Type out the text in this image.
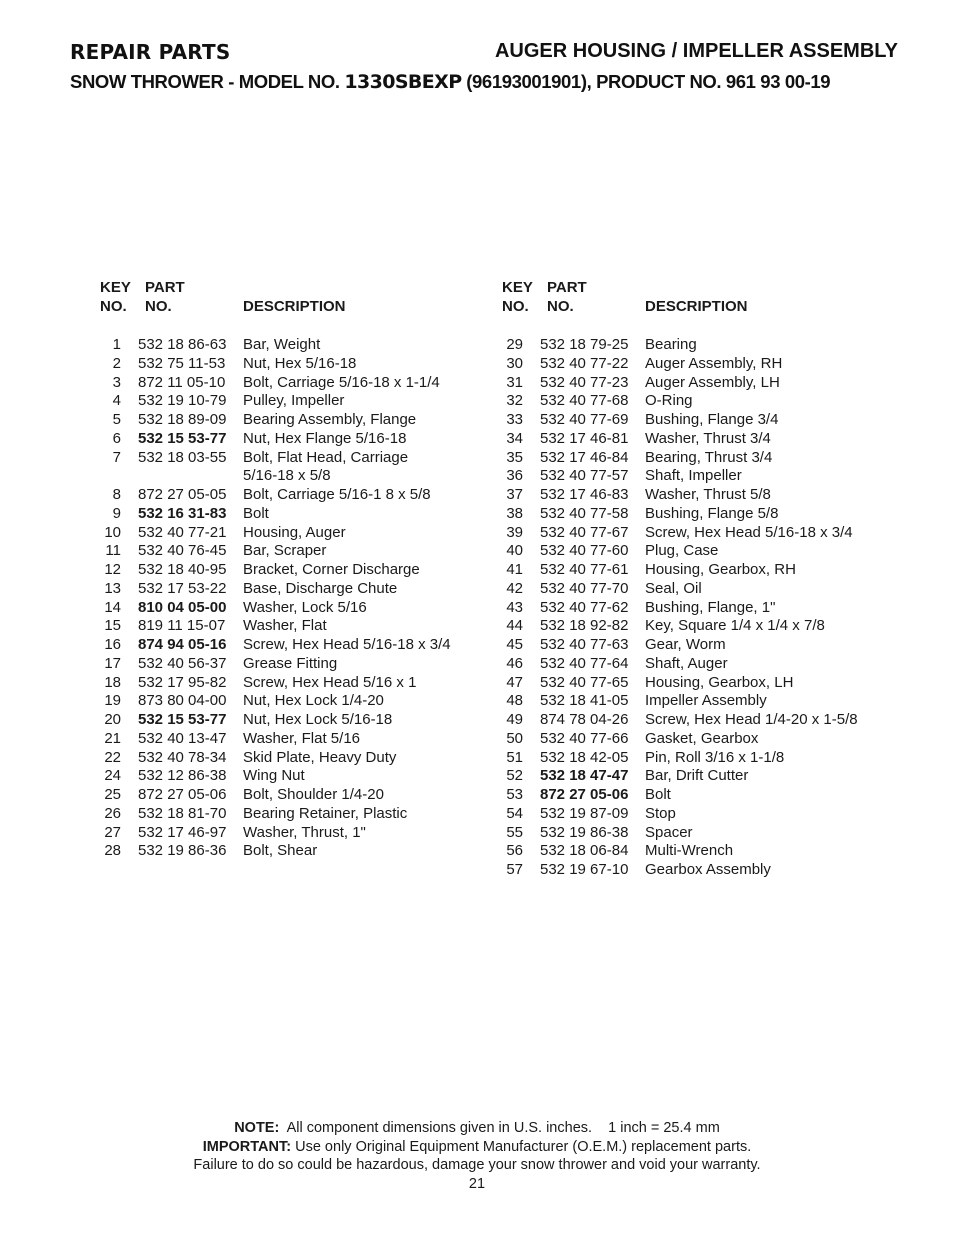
REPAIR PARTS	AUGER HOUSING / IMPELLER ASSEMBLY
SNOW THROWER - MODEL NO. 1330SBEXP (96193001901), PRODUCT NO. 961 93 00-19
KEY
NO.
PART
NO.	DESCRIPTION
1 532 18 86-63 Bar, Weight
2 532 75 11-53 Nut, Hex 5/16-18
3 872 11 05-10 Bolt, Carriage 5/16-18 x 1-1/4
4 532 19 10-79 Pulley, Impeller
5 532 18 89-09 Bearing Assembly, Flange
6 532 15 53-77 Nut, Hex Flange 5/16-18
7 532 18 03-55 Bolt, Flat Head, Carriage
5/16-18 x 5/8
8 872 27 05-05 Bolt, Carriage 5/16-1 8 x 5/8
9 532 16 31-83 Bolt
10 532 40 77-21 Housing, Auger
11 532 40 76-45 Bar, Scraper
12 532 18 40-95 Bracket, Corner Discharge
13 532 17 53-22 Base, Discharge Chute
14 810 04 05-00 Washer, Lock 5/16
15 819 11 15-07 Washer, Flat
16 874 94 05-16 Screw, Hex Head 5/16-18 x 3/4
17 532 40 56-37 Grease Fitting
18 532 17 95-82 Screw, Hex Head 5/16 x 1
19 873 80 04-00 Nut, Hex Lock 1/4-20
20 532 15 53-77 Nut, Hex Lock 5/16-18
21 532 40 13-47 Washer, Flat 5/16
22 532 40 78-34 Skid Plate, Heavy Duty
24 532 12 86-38 Wing Nut
25 872 27 05-06 Bolt, Shoulder 1/4-20
26 532 18 81-70 Bearing Retainer, Plastic
27 532 17 46-97 Washer, Thrust, 1"
28 532 19 86-36 Bolt, Shear
KEY
NO.
PART
NO.	DESCRIPTION
29 532 18 79-25 Bearing
30 532 40 77-22 Auger Assembly, RH
31 532 40 77-23 Auger Assembly, LH
32 532 40 77-68 O-Ring
33 532 40 77-69 Bushing, Flange 3/4
34 532 17 46-81 Washer, Thrust 3/4
35 532 17 46-84 Bearing, Thrust 3/4
36 532 40 77-57 Shaft, Impeller
37 532 17 46-83 Washer, Thrust 5/8
38 532 40 77-58 Bushing, Flange 5/8
39 532 40 77-67 Screw, Hex Head 5/16-18 x 3/4
40 532 40 77-60 Plug, Case
41 532 40 77-61 Housing, Gearbox, RH
42 532 40 77-70 Seal, Oil
43 532 40 77-62 Bushing, Flange, 1"
44 532 18 92-82 Key, Square 1/4 x 1/4 x 7/8
45 532 40 77-63 Gear, Worm
46 532 40 77-64 Shaft, Auger
47 532 40 77-65 Housing, Gearbox, LH
48 532 18 41-05 Impeller Assembly
49 874 78 04-26 Screw, Hex Head 1/4-20 x 1-5/8
50 532 40 77-66 Gasket, Gearbox
51 532 18 42-05 Pin, Roll 3/16 x 1-1/8
52 532 18 47-47 Bar, Drift Cutter
53 872 27 05-06 Bolt
54 532 19 87-09 Stop
55 532 19 86-38 Spacer
56 532 18 06-84 Multi-Wrench
57 532 19 67-10 Gearbox Assembly
NOTE:  All component dimensions given in U.S. inches.    1 inch = 25.4 mm
IMPORTANT: Use only Original Equipment Manufacturer (O.E.M.) replacement parts.
Failure to do so could be hazardous, damage your snow thrower and void your warranty.
21
